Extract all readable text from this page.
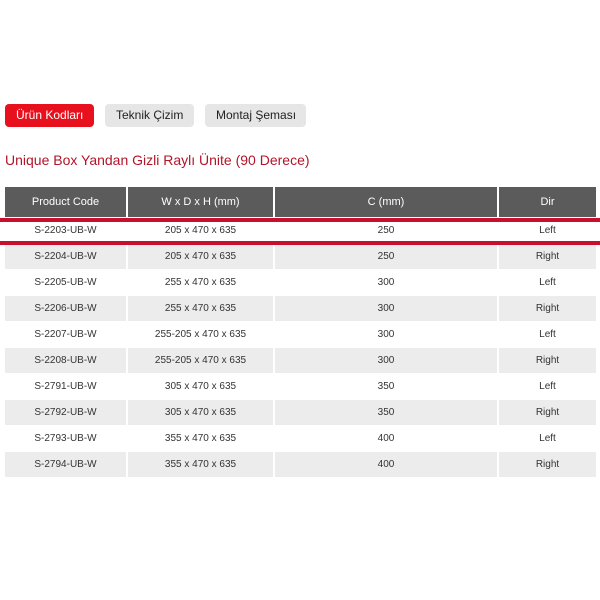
Ürün Kodları	Teknik Çizim	Montaj Şeması
Unique Box Yandan Gizli Raylı Ünite (90 Derece)
Product Code	W x D x H (mm)	C (mm)	Dir
S-2203-UB-W	205 x 470 x 635	250	Left
S-2204-UB-W	205 x 470 x 635	250	Right
S-2205-UB-W	255 x 470 x 635	300	Left
S-2206-UB-W	255 x 470 x 635	300	Right
S-2207-UB-W	255-205 x 470 x 635	300	Left
S-2208-UB-W	255-205 x 470 x 635	300	Right
S-2791-UB-W	305 x 470 x 635	350	Left
S-2792-UB-W	305 x 470 x 635	350	Right
S-2793-UB-W	355 x 470 x 635	400	Left
S-2794-UB-W	355 x 470 x 635	400	Right
